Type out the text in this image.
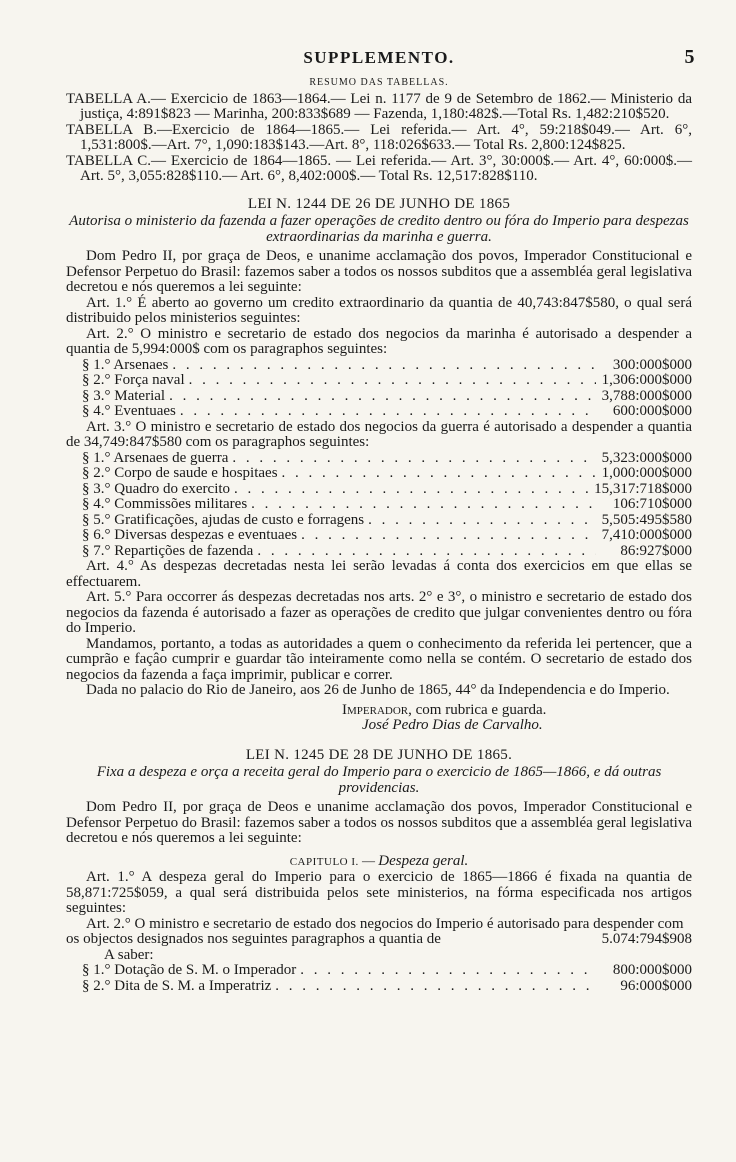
SUPPLEMENTO.	5
RESUMO DAS TABELLAS.

TABELLA A.— Exercicio de 1863—1864.— Lei n. 1177 de 9 de Setembro de 1862.— Ministerio da justiça, 4:891$823 — Marinha, 200:833$689 — Fazenda, 1,180:482$.—Total Rs. 1,482:210$520.

TABELLA B.—Exercicio de 1864—1865.— Lei referida.— Art. 4°, 59:218$049.— Art. 6°, 1,531:800$.—Art. 7°, 1,090:183$143.—Art. 8°, 118:026$633.— Total Rs. 2,800:124$825.

TABELLA C.— Exercicio de 1864—1865. — Lei referida.— Art. 3°, 30:000$.— Art. 4°, 60:000$.— Art. 5°, 3,055:828$110.— Art. 6°, 8,402:000$.— Total Rs. 12,517:828$110.

LEI N. 1244 DE 26 DE JUNHO DE 1865

Autorisa o ministerio da fazenda a fazer operações de credito dentro ou fóra do Imperio para despezas extraordinarias da marinha e guerra.

Dom Pedro II, por graça de Deos, e unanime acclamação dos povos, Imperador Constitucional e Defensor Perpetuo do Brasil: fazemos saber a todos os nossos subditos que a assembléa geral legislativa decretou e nós queremos a lei seguinte:

Art. 1.° É aberto ao governo um credito extraordinario da quantia de 40,743:847$580, o qual será distribuido pelos ministerios seguintes:

Art. 2.° O ministro e secretario de estado dos negocios da marinha é autorisado a despender a quantia de 5,994:000$ com os paragraphos seguintes:

§ 1.° Arsenaes . . .	300:000$000
§ 2.° Força naval . . .	1,306:000$000
§ 3.° Material . . .	3,788:000$000
§ 4.° Eventuaes . . .	600:000$000

Art. 3.° O ministro e secretario de estado dos negocios da guerra é autorisado a despender a quantia de 34,749:847$580 com os paragraphos seguintes:

§ 1.° Arsenaes de guerra . . .	5,323:000$000
§ 2.° Corpo de saude e hospitaes . . .	1,000:000$000
§ 3.° Quadro do exercito . . .	15,317:718$000
§ 4.° Commissões militares . . .	106:710$000
§ 5.° Gratificações, ajudas de custo e forragens . . .	5,505:495$580
§ 6.° Diversas despezas e eventuaes . . .	7,410:000$000
§ 7.° Repartições de fazenda . . .	86:927$000

Art. 4.° As despezas decretadas nesta lei serão levadas á conta dos exercicios em que ellas se effectuarem.

Art. 5.° Para occorrer ás despezas decretadas nos arts. 2° e 3°, o ministro e secretario de estado dos negocios da fazenda é autorisado a fazer as operações de credito que julgar convenientes dentro ou fóra do Imperio.

Mandamos, portanto, a todas as autoridades a quem o conhecimento da referida lei pertencer, que a cumprão e façâo cumprir e guardar tão inteiramente como nella se contém. O secretario de estado dos negocios da fazenda a faça imprimir, publicar e correr.

Dada no palacio do Rio de Janeiro, aos 26 de Junho de 1865, 44° da Independencia e do Imperio.

Imperador, com rubrica e guarda.
José Pedro Dias de Carvalho.
LEI N. 1245 DE 28 DE JUNHO DE 1865.

Fixa a despeza e orça a receita geral do Imperio para o exercicio de 1865—1866, e dá outras providencias.

Dom Pedro II, por graça de Deos e unanime acclamação dos povos, Imperador Constitucional e Defensor Perpetuo do Brasil: fazemos saber a todos os nossos subditos que a assembléa geral legislativa decretou e nós queremos a lei seguinte:

CAPITULO I. — Despeza geral.

Art. 1.° A despeza geral do Imperio para o exercicio de 1865—1866 é fixada na quantia de 58,871:725$059, a qual será distribuida pelos sete ministerios, na fórma especificada nos artigos seguintes:

Art. 2.° O ministro e secretario de estado dos negocios do Imperio é autorisado para despender com os objectos designados nos seguintes paragraphos a quantia de	5.074:794$908
A saber:
§ 1.° Dotação de S. M. o Imperador . . .	800:000$000
§ 2.° Dita de S. M. a Imperatriz . . .	96:000$000
